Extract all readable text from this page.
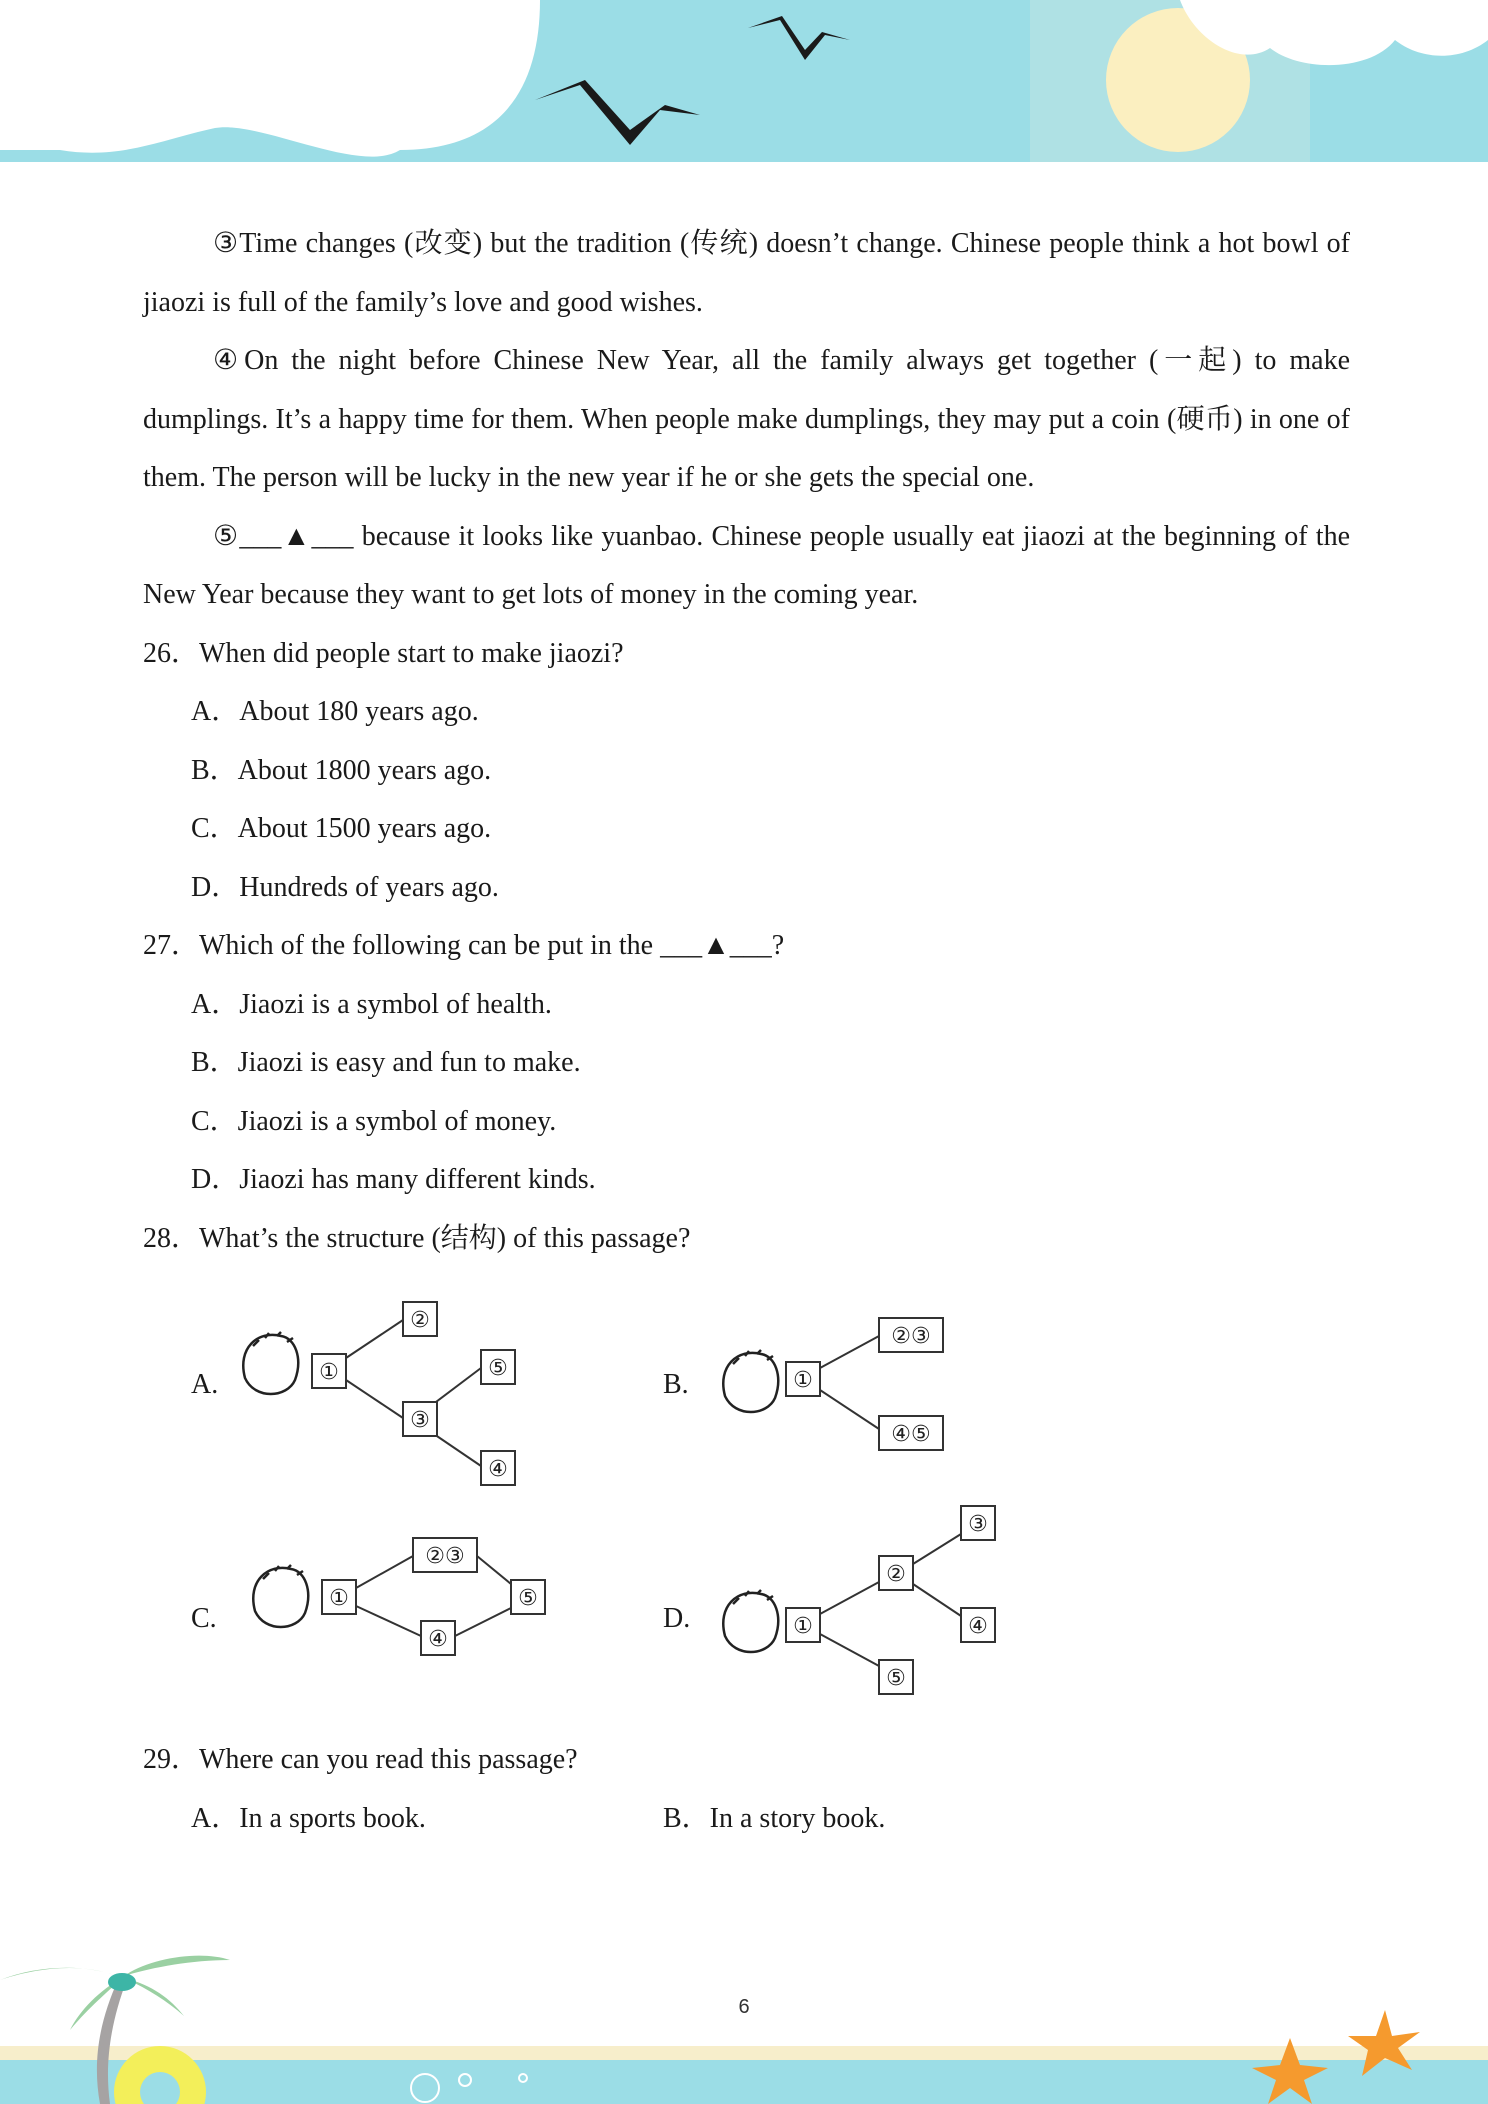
③Time changes (改变) but the tradition (传统) doesn’t change. Chinese people think a hot bowl of jiaozi is full of the family’s love and good wishes.

④On the night before Chinese New Year, all the family always get together (一起) to make dumplings. It’s a happy time for them. When people make dumplings, they may put a coin (硬币) in one of them. The person will be lucky in the new year if he or she gets the special one.

⑤___▲___ because it looks like yuanbao. Chinese people usually eat jiaozi at the beginning of the New Year because they want to get lots of money in the coming year.

26．When did people start to make jiaozi?

A．About 180 years ago.

B．About 1800 years ago.

C．About 1500 years ago.

D．Hundreds of years ago.

27．Which of the following can be put in the ___▲___?

A．Jiaozi is a symbol of health.

B．Jiaozi is easy and fun to make.

C．Jiaozi is a symbol of money.

D．Jiaozi has many different kinds.

28．What’s the structure (结构) of this passage?

A.	①
②
③
⑤
④
B.	①
②③
④⑤
C.
①
②③
④
⑤
D.	①
②
③
④
⑤

29．Where can you read this passage?

A．In a sports book.	B．In a story book.

6
